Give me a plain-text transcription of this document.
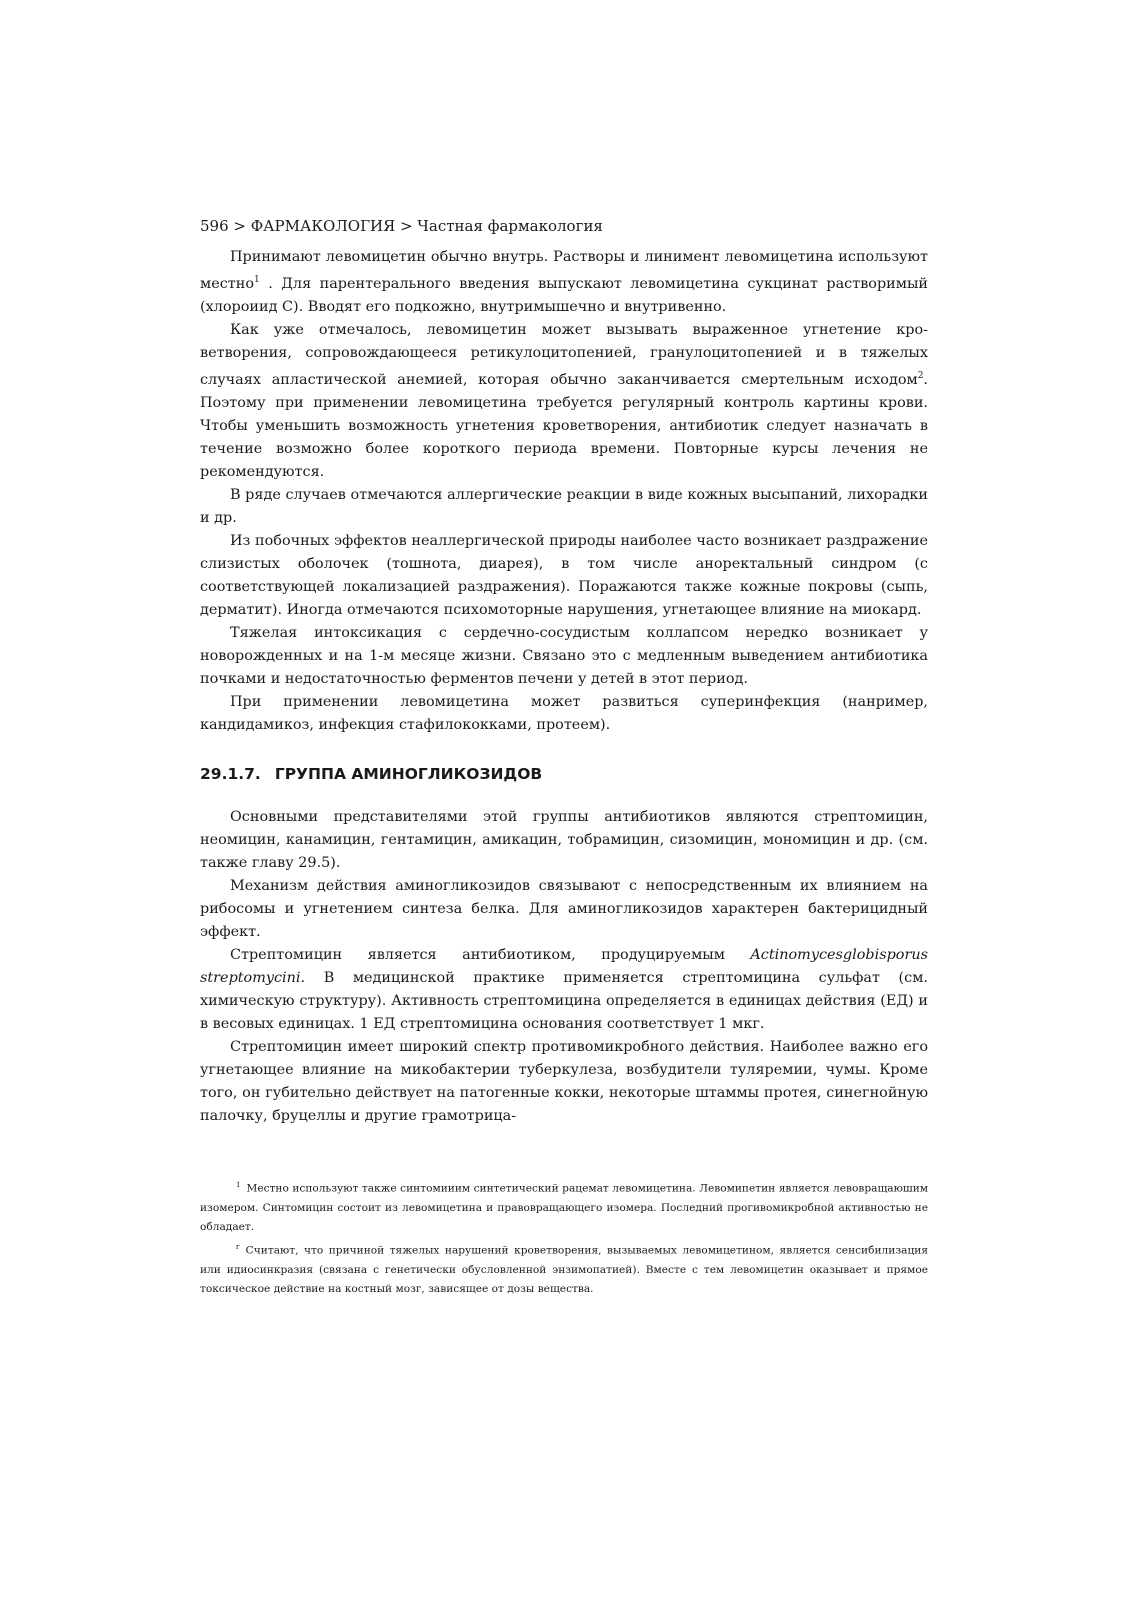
596 > ФАРМАКОЛОГИЯ > Частная фармакология

Принимают левомицетин обычно внутрь. Растворы и линимент левомицетина используют местно$^1$ . Для парентерального введения выпускают левомицетина сукцинат растворимый (хлороиид С). Вводят его подкожно, внутримышечно и внутривенно.

Как уже отмечалось, левомицетин может вызывать выраженное угнетение кроветворения, сопровождающееся ретикулоцитопенией, гранулоцитопенией и в тяжелых случаях апластической анемией, которая обычно заканчивается смертельным исходом$^2$. Поэтому при применении левомицетина требуется регулярный контроль картины крови. Чтобы уменьшить возможность угнетения кроветворения, антибиотик следует назначать в течение возможно более короткого периода времени. Повторные курсы лечения не рекомендуются.

В ряде случаев отмечаются аллергические реакции в виде кожных высыпаний, лихорадки и др.

Из побочных эффектов неаллергической природы наиболее часто возникает раздражение слизистых оболочек (тошнота, диарея), в том числе аноректальный синдром (с соответствующей локализацией раздражения). Поражаются также кожные покровы (сыпь, дерматит). Иногда отмечаются психомоторные нарушения, угнетающее влияние на миокард.

Тяжелая интоксикация с сердечно-сосудистым коллапсом нередко возникает у новорожденных и на 1-м месяце жизни. Связано это с медленным выведением антибиотика почками и недостаточностью ферментов печени у детей в этот период.

При применении левомицетина может развиться суперинфекция (нанример, кандидамикоз, инфекция стафилококками, протеем).

29.1.7. ГРУППА АМИНОГЛИКОЗИДОВ

Основными представителями этой группы антибиотиков являются стрептомицин, неомицин, канамицин, гентамицин, амикацин, тобрамицин, сизомицин, мономицин и др. (см. также главу 29.5).

Механизм действия аминогликозидов связывают с непосредственным их влиянием на рибосомы и угнетением синтеза белка. Для аминогликозидов характерен бактерицидный эффект.

Стрептомицин является антибиотиком, продуцируемым Actinomycesglobisporus streptomycini. В медицинской практике применяется стрептомицина сульфат (см. химическую структуру). Активность стрептомицина определяется в единицах действия (ЕД) и в весовых единицах. 1 ЕД стрептомицина основания соответствует 1 мкг.

Стрептомицин имеет широкий спектр противомикробного действия. Наиболее важно его угнетающее влияние на микобактерии туберкулеза, возбудители туляремии, чумы. Кроме того, он губительно действует на патогенные кокки, некоторые штаммы протея, синегнойную палочку, бруцеллы и другие грамотрица-

$^1$ Местно используют также синтомииим синтетический рацемат левомицетина. Левомипетин является левовращаюшим изомером. Синтомицин состоит из левомицетина и правовращающего изомера. Последний прогивомикробной активностью не обладает.

$^г$ Считают, что причиной тяжелых нарушений кроветворения, вызываемых левомицетином, является сенсибилизация или идиосинкразия (связана с генетически обусловленной энзимопатией). Вместе с тем левомицетин оказывает и прямое токсическое действие на костный мозг, зависящее от дозы вещества.
